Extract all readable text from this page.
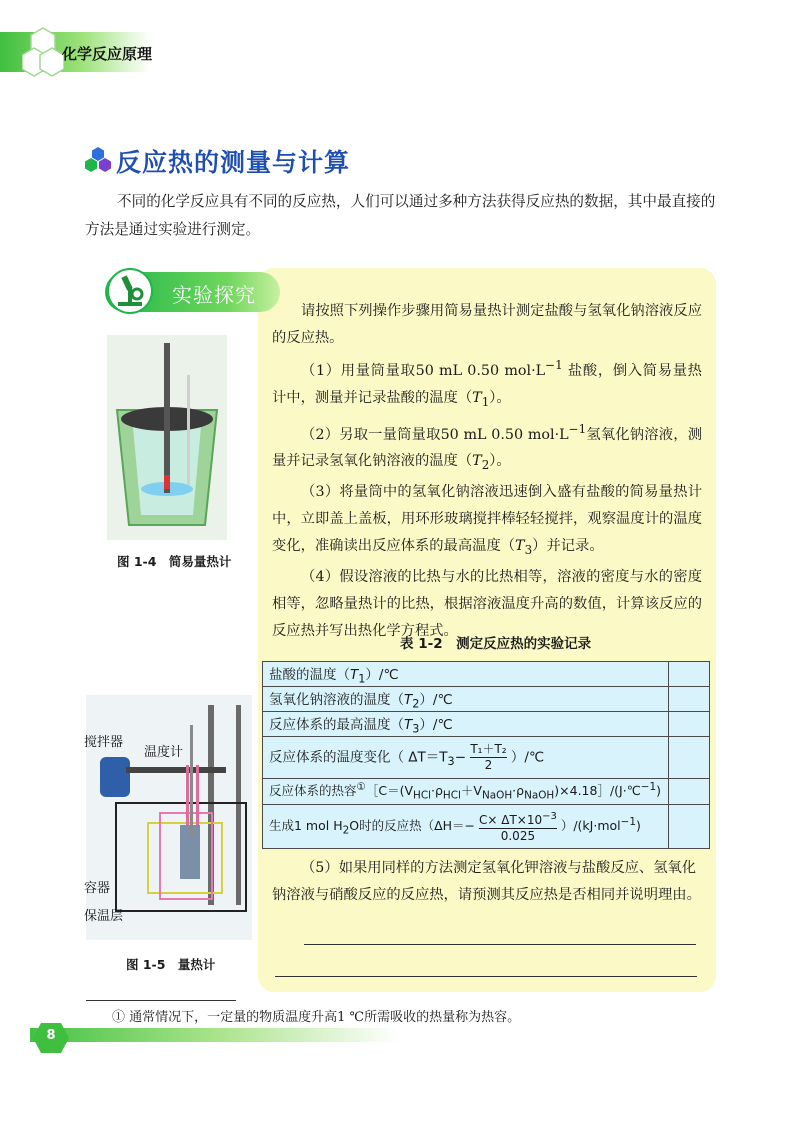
化学反应原理
反应热的测量与计算
不同的化学反应具有不同的反应热，人们可以通过多种方法获得反应热的数据，其中最直接的方法是通过实验进行测定。
实验探究

请按照下列操作步骤用简易量热计测定盐酸与氢氧化钠溶液反应的反应热。

（1）用量筒量取50 mL 0.50 $mol\cdot L^{-1}$ 盐酸，倒入简易量热计中，测量并记录盐酸的温度$(T_1)$。

（2）另取一量筒量取50 mL 0.50 $mol\cdot L^{-1}$氢氧化钠溶液，测量并记录氢氧化钠溶液的温度$(T_2)$。

（3）将量筒中的氢氧化钠溶液迅速倒入盛有盐酸的简易量热计中，立即盖上盖板，用环形玻璃搅拌棒轻轻搅拌，观察温度计的温度变化，准确读出反应体系的最高温度$(T_3)$并记录。

（4）假设溶液的比热与水的比热相等，溶液的密度与水的密度相等，忽略量热计的比热，根据溶液温度升高的数值，计算该反应的反应热并写出热化学方程式。

图 1-4　简易量热计
表 1-2　测定反应热的实验记录
盐酸的温度$(T_1)/℃$	
氢氧化钠溶液的温度$(T_2)/℃$	
反应体系的最高温度$(T_3)/℃$	
反应体系的温度变化（ $\Delta T=T_3- \frac{\text{T₁＋T₂}}{2}$ ）/℃	
反应体系的热容$^①[C=(V_{HCl}\cdot\rho_{HCl}+V_{NaOH}\cdot\rho_{NaOH})\times 4.18]/(J\cdot℃^{-1})$	
生成1 mol $H_2O$时的反应热$(\Delta H=- \frac{C\times \Delta T\times 10^{-3}}{0.025} )/(kJ\cdot mol^{-1})$	
搅拌器
温度计
容器
保温层
图 1-5　量热计
（5）如果用同样的方法测定氢氧化钾溶液与盐酸反应、氢氧化钠溶液与硝酸反应的反应热，请预测其反应热是否相同并说明理由。
① 通常情况下，一定量的物质温度升高1 ℃所需吸收的热量称为热容。
8
